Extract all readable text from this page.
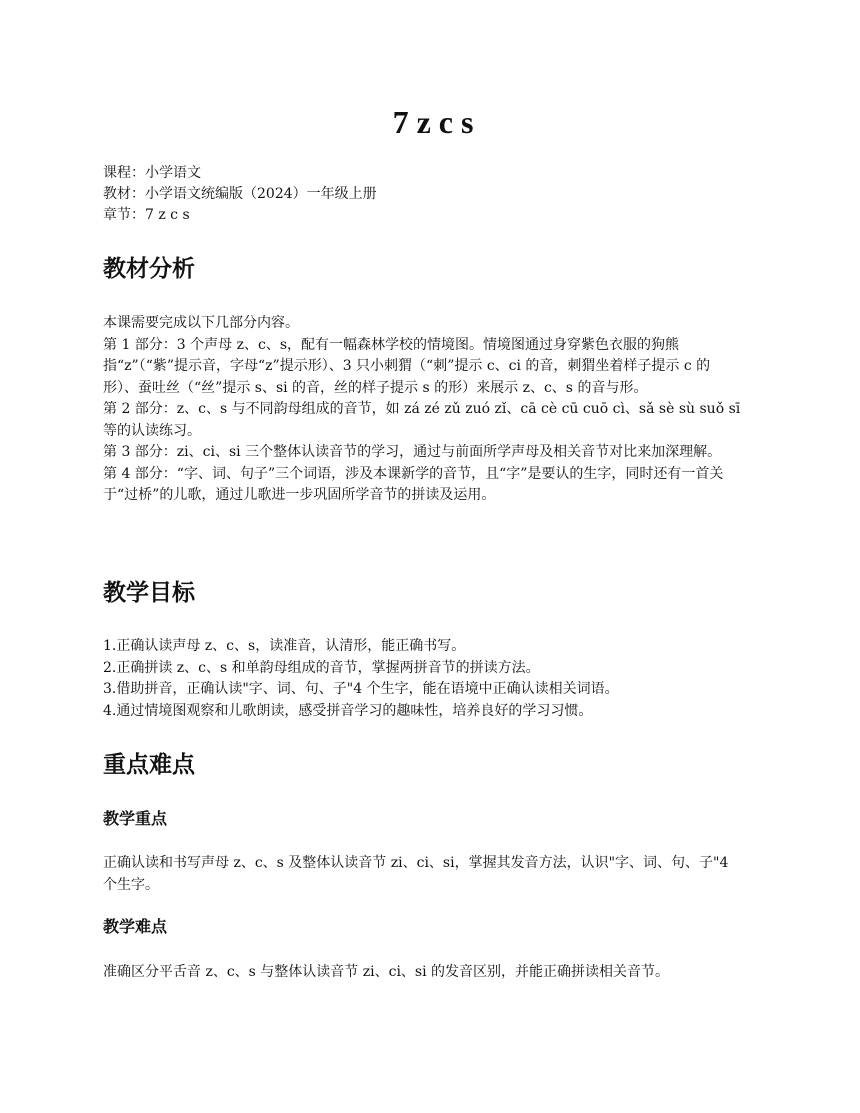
7 z c s
课程：小学语文
教材：小学语文统编版（2024）一年级上册
章节：7 z c s
教材分析

本课需要完成以下几部分内容。

第 1 部分：3 个声母 z、c、s，配有一幅森林学校的情境图。情境图通过身穿紫色衣服的狗熊指“z”（“紫”提示音，字母“z”提示形）、3 只小刺猬（“刺”提示 c、ci 的音，刺猬坐着样子提示 c 的形）、蚕吐丝（“丝”提示 s、si 的音，丝的样子提示 s 的形）来展示 z、c、s 的音与形。

第 2 部分：z、c、s 与不同韵母组成的音节，如 zá zé zǔ zuó zǐ、cā cè cū cuō cì、sǎ sè sù suǒ sī等的认读练习。

第 3 部分：zi、ci、si 三个整体认读音节的学习，通过与前面所学声母及相关音节对比来加深理解。

第 4 部分：“字、词、句子”三个词语，涉及本课新学的音节，且“字”是要认的生字，同时还有一首关于“过桥”的儿歌，通过儿歌进一步巩固所学音节的拼读及运用。

教学目标

1.正确认读声母 z、c、s，读准音，认清形，能正确书写。

2.正确拼读 z、c、s 和单韵母组成的音节，掌握两拼音节的拼读方法。

3.借助拼音，正确认读"字、词、句、子"4 个生字，能在语境中正确认读相关词语。

4.通过情境图观察和儿歌朗读，感受拼音学习的趣味性，培养良好的学习习惯。

重点难点
教学重点

正确认读和书写声母 z、c、s 及整体认读音节 zi、ci、si，掌握其发音方法，认识"字、词、句、子"4 个生字。

教学难点

准确区分平舌音 z、c、s 与整体认读音节 zi、ci、si 的发音区别，并能正确拼读相关音节。
